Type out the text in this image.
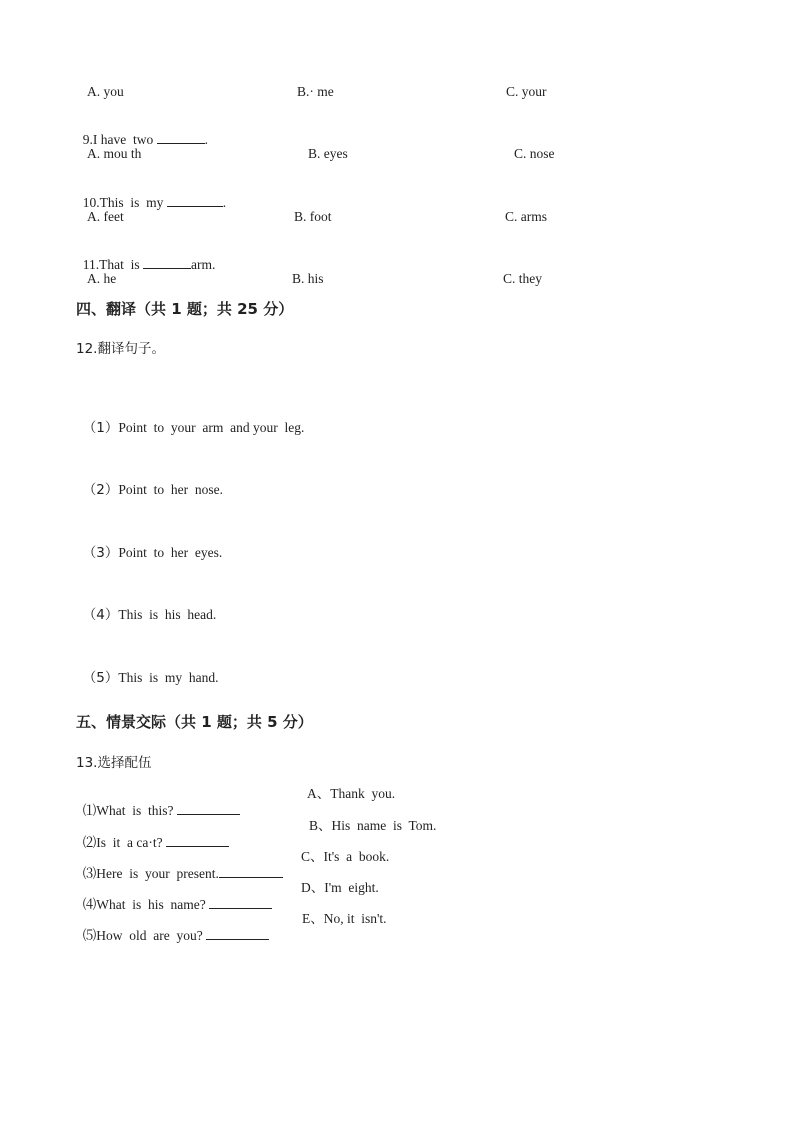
A. you	B.· me	C. your

9.I have  two	.

A. mou th	B. eyes	C. nose

10.This  is  my	.

A. feet	B. foot	C. arms

11.That  is	arm.

A. he	B. his	C. they
四、翻译（共 1 题；共 25 分）
12.翻译句子。

（1）Point  to  your  arm  and your  leg.

（2）Point  to  her  nose.

（3）Point  to  her  eyes.

（4）This  is  his  head.

（5）This  is  my  hand.

五、情景交际（共 1 题；共 5 分）
13.选择配伍

⑴What  is  this?

A、Thank  you.

⑵Is  it  a ca·t?

B、His  name  is  Tom.

⑶Here  is  your  present.

C、It's  a  book.

⑷What  is  his  name?

D、I'm  eight.

⑸How  old  are  you?

E、No, it  isn't.
